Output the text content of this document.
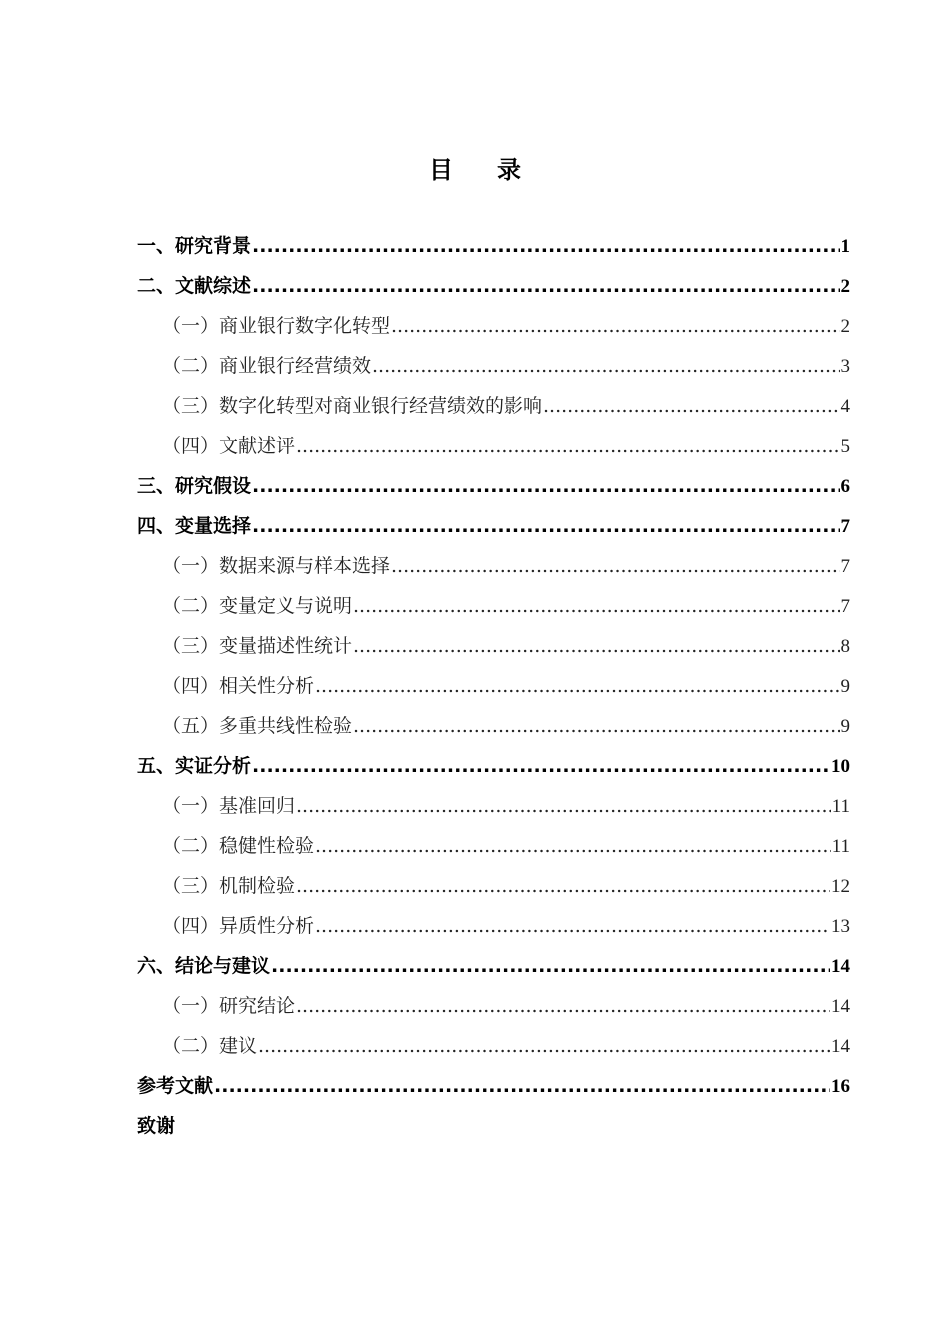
目 录
一、研究背景 .....	1
二、文献综述 .....	2
（一）商业银行数字化转型 .....	2
（二）商业银行经营绩效 .....	3
（三）数字化转型对商业银行经营绩效的影响 .....	4
（四）文献述评 .....	5
三、研究假设 .....	6
四、变量选择 .....	7
（一）数据来源与样本选择 .....	7
（二）变量定义与说明 .....	7
（三）变量描述性统计 .....	8
（四）相关性分析 .....	9
（五）多重共线性检验 .....	9
五、实证分析 .....	10
（一）基准回归 .....	11
（二）稳健性检验 .....	11
（三）机制检验 .....	12
（四）异质性分析 .....	13
六、结论与建议 .....	14
（一）研究结论 .....	14
（二）建议 .....	14
参考文献 .....	16
致谢
